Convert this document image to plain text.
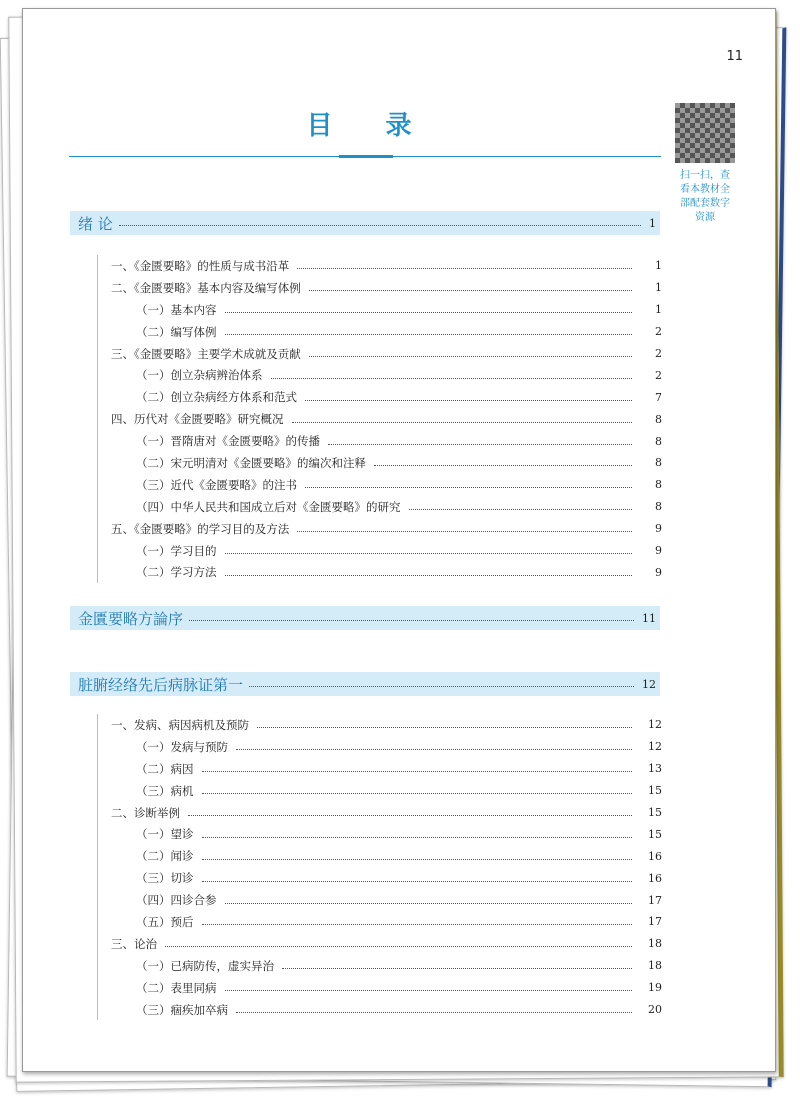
11
目 录
扫一扫，查
看本教材全
部配套数字
资源
绪 论	1
一、《金匮要略》的性质与成书沿革	1
二、《金匮要略》基本内容及编写体例	1
（一）基本内容	1
（二）编写体例	2
三、《金匮要略》主要学术成就及贡献	2
（一）创立杂病辨治体系	2
（二）创立杂病经方体系和范式	7
四、历代对《金匮要略》研究概况	8
（一）晋隋唐对《金匮要略》的传播	8
（二）宋元明清对《金匮要略》的编次和注释	8
（三）近代《金匮要略》的注书	8
（四）中华人民共和国成立后对《金匮要略》的研究	8
五、《金匮要略》的学习目的及方法	9
（一）学习目的	9
（二）学习方法	9
金匱要略方論序	11
脏腑经络先后病脉证第一	12
一、发病、病因病机及预防	12
（一）发病与预防	12
（二）病因	13
（三）病机	15
二、诊断举例	15
（一）望诊	15
（二）闻诊	16
（三）切诊	16
（四）四诊合参	17
（五）预后	17
三、论治	18
（一）已病防传，虚实异治	18
（二）表里同病	19
（三）痼疾加卒病	20
